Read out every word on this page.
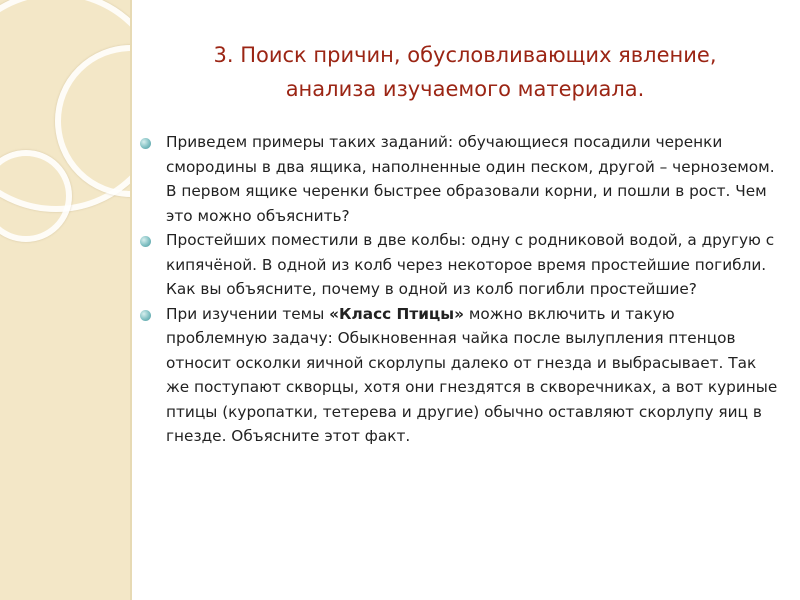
3. Поиск причин, обусловливающих явление,
анализа изучаемого материала.
Приведем примеры таких заданий: обучающиеся посадили черенки смородины в два ящика, наполненные один песком, другой – черноземом. В первом ящике черенки быстрее образовали корни, и пошли в рост. Чем это можно объяснить?
Простейших поместили в две колбы: одну с родниковой водой, а другую с кипячёной. В одной из колб через некоторое время простейшие погибли. Как вы объясните, почему в одной из колб погибли простейшие?
При изучении темы «Класс Птицы» можно включить и такую проблемную задачу: Обыкновенная чайка после вылупления птенцов относит осколки яичной скорлупы далеко от гнезда и выбрасывает. Так же поступают скворцы, хотя они гнездятся в скворечниках, а вот куриные птицы (куропатки, тетерева и другие) обычно оставляют скорлупу яиц в гнезде. Объясните этот факт.
